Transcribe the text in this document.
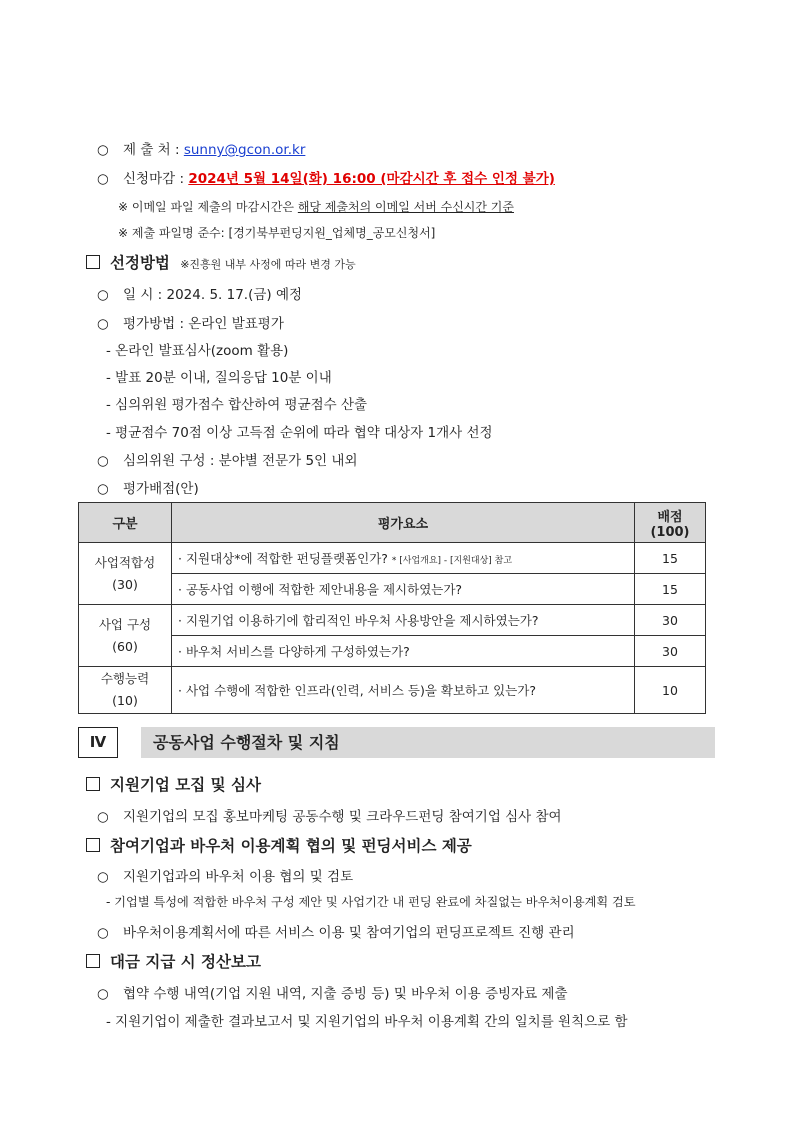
○ 제 출 처 : sunny@gcon.or.kr
○ 신청마감 : 2024년 5월 14일(화) 16:00 (마감시간 후 접수 인정 불가)
※ 이메일 파일 제출의 마감시간은 해당 제출처의 이메일 서버 수신시간 기준
※ 제출 파일명 준수: [경기북부펀딩지원_업체명_공모신청서]
선정방법 ※진흥원 내부 사정에 따라 변경 가능
○ 일 시 : 2024. 5. 17.(금) 예정
○ 평가방법 : 온라인 발표평가
- 온라인 발표심사(zoom 활용)
- 발표 20분 이내, 질의응답 10분 이내
- 심의위원 평가점수 합산하여 평균점수 산출
- 평균점수 70점 이상 고득점 순위에 따라 협약 대상자 1개사 선정
○ 심의위원 구성 : 분야별 전문가 5인 내외
○ 평가배점(안)
구분	평가요소	배점
(100)
사업적합성
(30)	· 지원대상*에 적합한 펀딩플랫폼인가? * [사업개요] - [지원대상] 참고	15
	· 공동사업 이행에 적합한 제안내용을 제시하였는가?	15
사업 구성
(60)	· 지원기업 이용하기에 합리적인 바우처 사용방안을 제시하였는가?	30
	· 바우처 서비스를 다양하게 구성하였는가?	30
수행능력
(10)	· 사업 수행에 적합한 인프라(인력, 서비스 등)을 확보하고 있는가?	10
Ⅳ	공동사업 수행절차 및 지침
지원기업 모집 및 심사
○ 지원기업의 모집 홍보마케팅 공동수행 및 크라우드펀딩 참여기업 심사 참여
참여기업과 바우처 이용계획 협의 및 펀딩서비스 제공
○ 지원기업과의 바우처 이용 협의 및 검토
- 기업별 특성에 적합한 바우처 구성 제안 및 사업기간 내 펀딩 완료에 차질없는 바우처이용계획 검토
○ 바우처이용계획서에 따른 서비스 이용 및 참여기업의 펀딩프로젝트 진행 관리
대금 지급 시 정산보고
○ 협약 수행 내역(기업 지원 내역, 지출 증빙 등) 및 바우처 이용 증빙자료 제출
- 지원기업이 제출한 결과보고서 및 지원기업의 바우처 이용계획 간의 일치를 원칙으로 함
